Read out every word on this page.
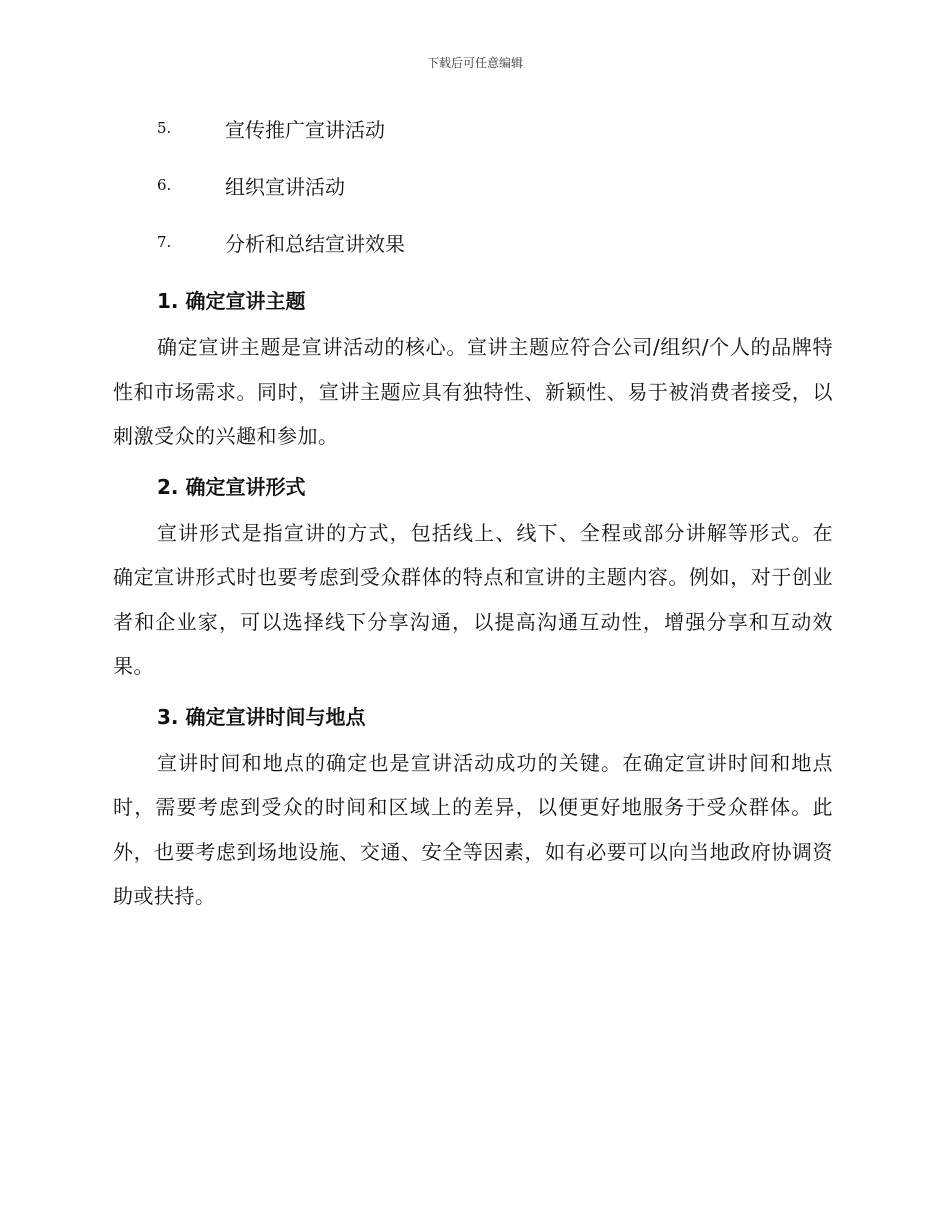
下载后可任意编辑
5.	宣传推广宣讲活动
6.	组织宣讲活动
7.	分析和总结宣讲效果
1. 确定宣讲主题

确定宣讲主题是宣讲活动的核心。宣讲主题应符合公司/组织/个人的品牌特性和市场需求。同时，宣讲主题应具有独特性、新颖性、易于被消费者接受，以刺激受众的兴趣和参加。

2. 确定宣讲形式

宣讲形式是指宣讲的方式，包括线上、线下、全程或部分讲解等形式。在确定宣讲形式时也要考虑到受众群体的特点和宣讲的主题内容。例如，对于创业者和企业家，可以选择线下分享沟通，以提高沟通互动性，增强分享和互动效果。

3. 确定宣讲时间与地点

宣讲时间和地点的确定也是宣讲活动成功的关键。在确定宣讲时间和地点时，需要考虑到受众的时间和区域上的差异，以便更好地服务于受众群体。此外，也要考虑到场地设施、交通、安全等因素，如有必要可以向当地政府协调资助或扶持。
